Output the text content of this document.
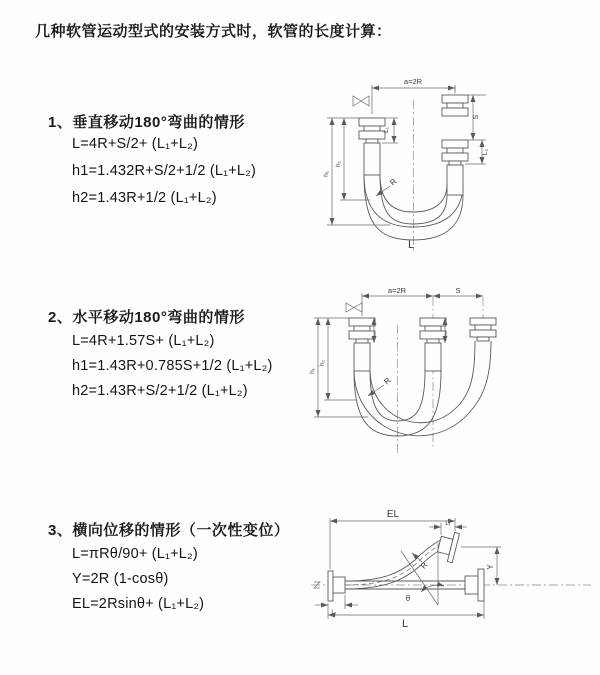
几种软管运动型式的安装方式时，软管的长度计算：
1、垂直移动180°弯曲的情形
L=4R+S/2+ (L₁+L₂)
h1=1.432R+S/2+1/2 (L₁+L₂)
h2=1.43R+1/2 (L₁+L₂)
2、水平移动180°弯曲的情形
L=4R+1.57S+ (L₁+L₂)
h1=1.43R+0.785S+1/2 (L₁+L₂)
h2=1.43R+S/2+1/2 (L₁+L₂)
3、横向位移的情形（一次性变位）
L=πRθ/90+ (L₁+L₂)
Y=2R (1-cosθ)
EL=2Rsinθ+ (L₁+L₂)
a=2R
L₁
S
L₂
h₁
h₂
R
L
a=2R	S
h₁
h₂
R
EL
L₁
Y
θ
R
L₁
L
